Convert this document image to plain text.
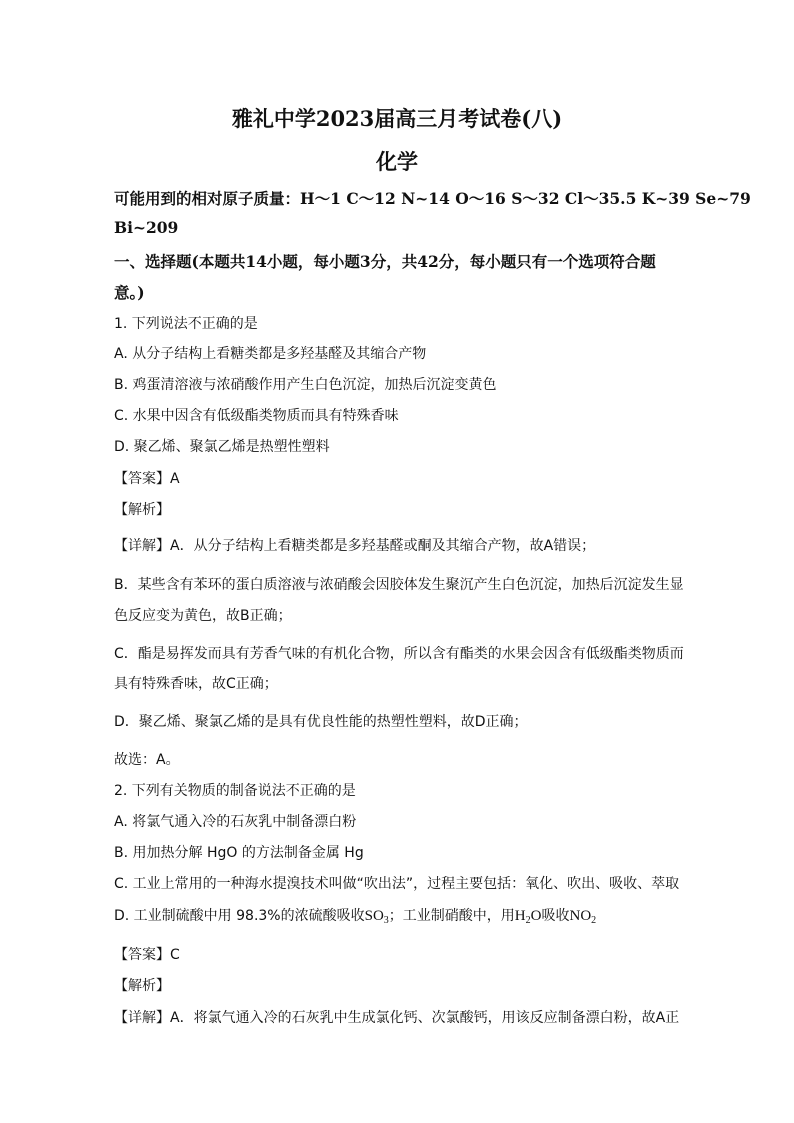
雅礼中学2023届高三月考试卷(八)
化学
可能用到的相对原子质量：H～1 C～12 N~14 O～16 S～32 Cl～35.5 K~39 Se~79
Bi~209
一、选择题(本题共14小题，每小题3分，共42分，每小题只有一个选项符合题
意。)
1. 下列说法不正确的是
A. 从分子结构上看糖类都是多羟基醛及其缩合产物
B. 鸡蛋清溶液与浓硝酸作用产生白色沉淀，加热后沉淀变黄色
C. 水果中因含有低级酯类物质而具有特殊香味
D. 聚乙烯、聚氯乙烯是热塑性塑料
【答案】A
【解析】
【详解】A．从分子结构上看糖类都是多羟基醛或酮及其缩合产物，故A错误；
B．某些含有苯环的蛋白质溶液与浓硝酸会因胶体发生聚沉产生白色沉淀，加热后沉淀发生显
色反应变为黄色，故B正确；
C．酯是易挥发而具有芳香气味的有机化合物，所以含有酯类的水果会因含有低级酯类物质而
具有特殊香味，故C正确；
D．聚乙烯、聚氯乙烯的是具有优良性能的热塑性塑料，故D正确；
故选：A。
2. 下列有关物质的制备说法不正确的是
A. 将氯气通入冷的石灰乳中制备漂白粉
B. 用加热分解 HgO 的方法制备金属 Hg
C. 工业上常用的一种海水提溴技术叫做“吹出法”，过程主要包括：氧化、吹出、吸收、萃取
D. 工业制硫酸中用 98.3%的浓硫酸吸收$SO_3$；工业制硝酸中，用$H_2O$吸收$NO_2$
【答案】C
【解析】
【详解】A．将氯气通入冷的石灰乳中生成氯化钙、次氯酸钙，用该反应制备漂白粉，故A正
